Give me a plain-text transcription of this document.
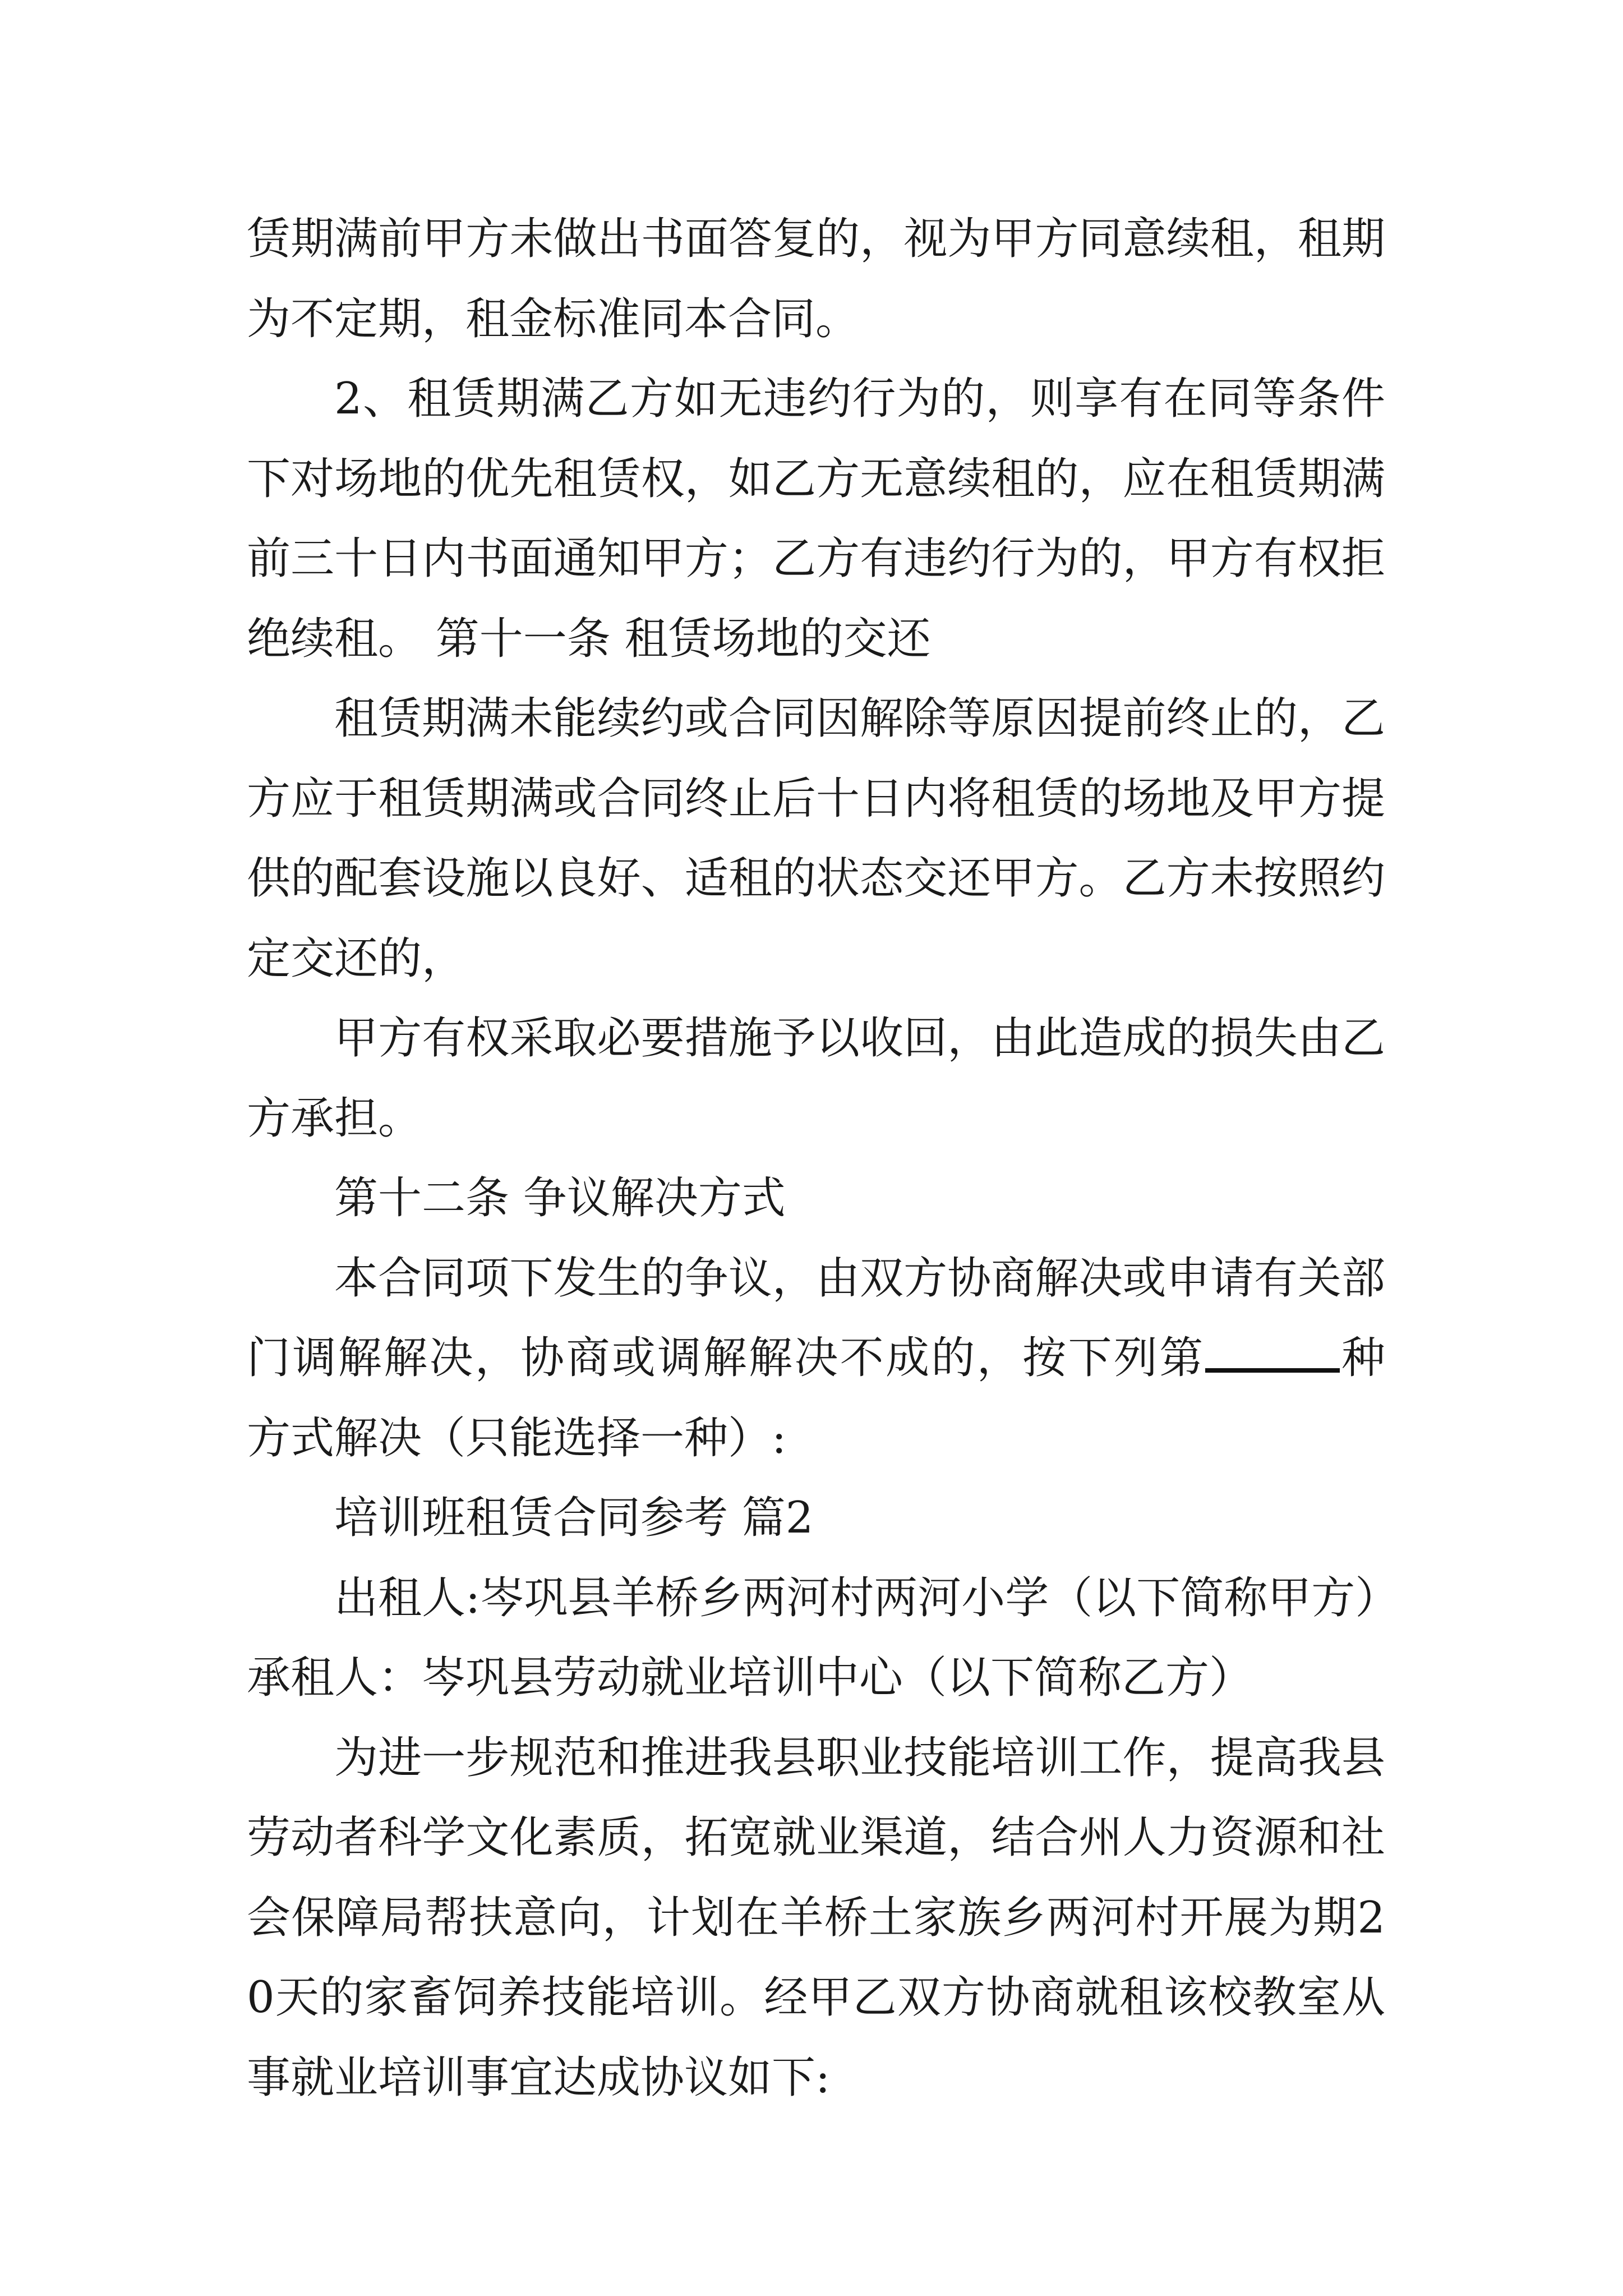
赁期满前甲方未做出书面答复的，视为甲方同意续租，租期为不定期，租金标准同本合同。

2、租赁期满乙方如无违约行为的，则享有在同等条件下对场地的优先租赁权，如乙方无意续租的，应在租赁期满前三十日内书面通知甲方；乙方有违约行为的，甲方有权拒绝续租。 第十一条 租赁场地的交还

租赁期满未能续约或合同因解除等原因提前终止的，乙方应于租赁期满或合同终止后十日内将租赁的场地及甲方提供的配套设施以良好、适租的状态交还甲方。乙方未按照约定交还的，

甲方有权采取必要措施予以收回，由此造成的损失由乙方承担。

第十二条 争议解决方式

本合同项下发生的争议，由双方协商解决或申请有关部门调解解决，协商或调解解决不成的，按下列第	种方式解决（只能选择一种）:

培训班租赁合同参考 篇2

出租人:岑巩县羊桥乡两河村两河小学（以下简称甲方）

承租人：岑巩县劳动就业培训中心（以下简称乙方）

为进一步规范和推进我县职业技能培训工作，提高我县劳动者科学文化素质，拓宽就业渠道，结合州人力资源和社会保障局帮扶意向，计划在羊桥土家族乡两河村开展为期20天的家畜饲养技能培训。经甲乙双方协商就租该校教室从事就业培训事宜达成协议如下:
